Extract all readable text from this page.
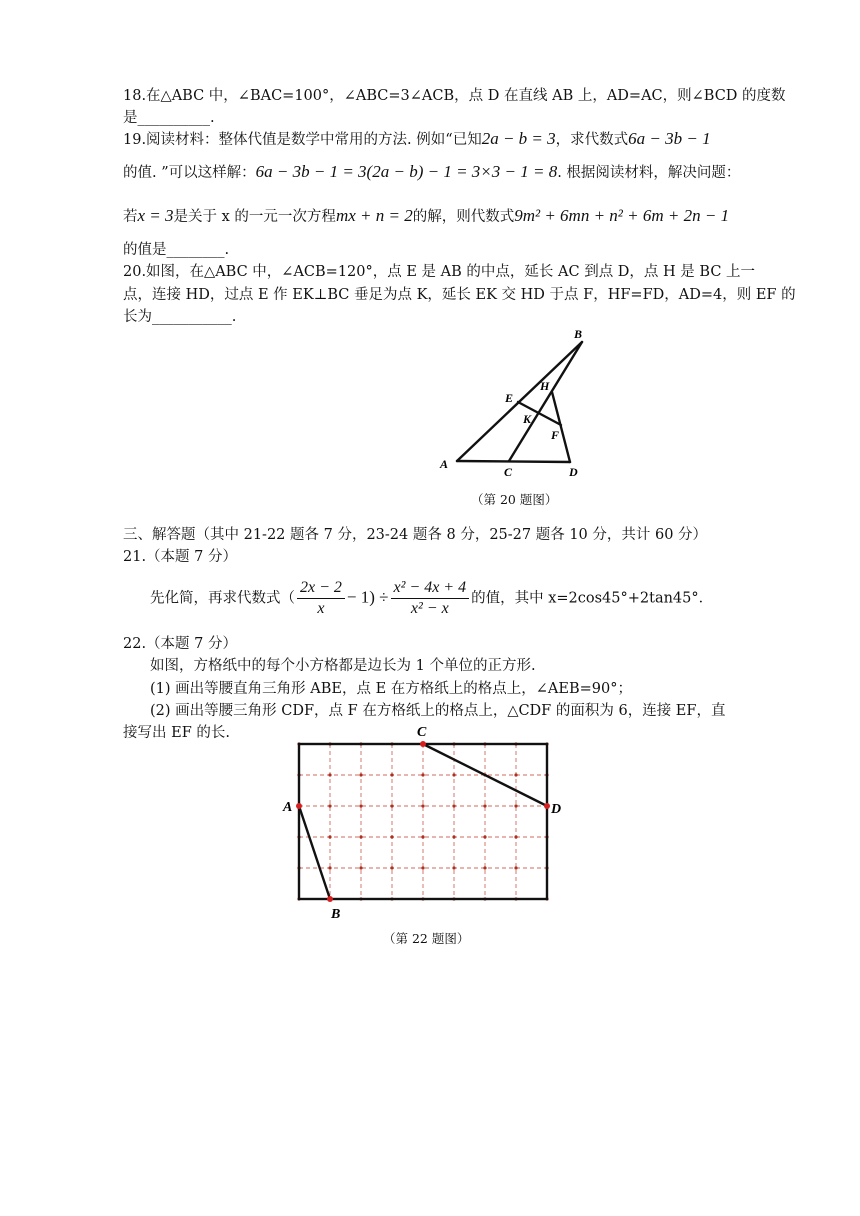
18.在△ABC 中，∠BAC=100°，∠ABC=3∠ACB，点 D 在直线 AB 上，AD=AC，则∠BCD 的度数
是__________.
19.阅读材料：整体代值是数学中常用的方法. 例如“已知2a − b = 3，求代数式6a − 3b − 1
的值. ”可以这样解：6a − 3b − 1 = 3(2a − b) − 1 = 3×3 − 1 = 8. 根据阅读材料，解决问题：
若x = 3是关于 x 的一元一次方程mx + n = 2的解，则代数式9m² + 6mn + n² + 6m + 2n − 1
的值是________.
20.如图，在△ABC 中，∠ACB=120°，点 E 是 AB 的中点，延长 AC 到点 D，点 H 是 BC 上一
点，连接 HD，过点 E 作 EK⊥BC 垂足为点 K，延长 EK 交 HD 于点 F，HF=FD，AD=4，则 EF 的
长为___________.
B
H
E
K
F
A
C	D
（第 20 题图）
三、解答题（其中 21-22 题各 7 分，23-24 题各 8 分，25-27 题各 10 分，共计 60 分）
21.（本题 7 分）
先化简，再求代数式（ $\frac{2x - 2}{x} - 1) \div \frac{\text{x² − 4x + 4}}{\text{x² − x}}$ 的值，其中 x=2cos45°+2tan45°．
22.（本题 7 分）
如图，方格纸中的每个小方格都是边长为 1 个单位的正方形.
(1) 画出等腰直角三角形 ABE，点 E 在方格纸上的格点上，∠AEB=90°；
(2) 画出等腰三角形 CDF，点 F 在方格纸上的格点上，△CDF 的面积为 6，连接 EF，直
接写出 EF 的长.
A
B
C
D
（第 22 题图）
